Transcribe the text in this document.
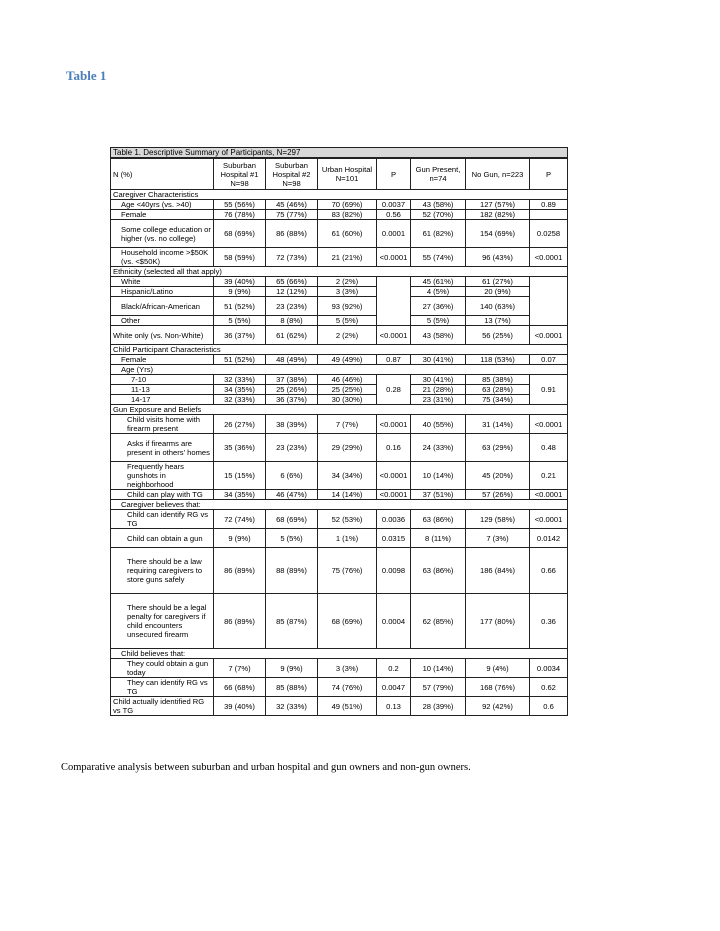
Table 1
Table 1. Descriptive Summary of Participants, N=297							
N (%)	Suburban Hospital #1 N=98	Suburban Hospital #2 N=98	Urban Hospital N=101	P	Gun Present, n=74	No Gun, n=223	P
Caregiver Characteristics							
Age <40yrs (vs. >40)	55 (56%)	45 (46%)	70 (69%)	0.0037	43 (58%)	127 (57%)	0.89
Female	76 (78%)	75 (77%)	83 (82%)	0.56	52 (70%)	182 (82%)	
Some college education or higher (vs. no college)	68 (69%)	86 (88%)	61 (60%)	0.0001	61 (82%)	154 (69%)	0.0258
Household income >$50K (vs. <$50K)	58 (59%)	72 (73%)	21 (21%)	<0.0001	55 (74%)	96 (43%)	<0.0001
Ethnicity (selected all that apply)							
White	39 (40%)	65 (66%)	2 (2%)		45 (61%)	61 (27%)	
Hispanic/Latino	9 (9%)	12 (12%)	3 (3%)		4 (5%)	20 (9%)	
Black/African-American	51 (52%)	23 (23%)	93 (92%)		27 (36%)	140 (63%)	
Other	5 (5%)	8 (8%)	5 (5%)		5 (5%)	13 (7%)	
White only (vs. Non-White)	36 (37%)	61 (62%)	2 (2%)	<0.0001	43 (58%)	56 (25%)	<0.0001
Child Participant Characteristics							
Female	51 (52%)	48 (49%)	49 (49%)	0.87	30 (41%)	118 (53%)	0.07
Age (Yrs)							
7-10	32 (33%)	37 (38%)	46 (46%)	0.28	30 (41%)	85 (38%)	0.91
11-13	34 (35%)	25 (26%)	25 (25%)		21 (28%)	63 (28%)	
14-17	32 (33%)	36 (37%)	30 (30%)		23 (31%)	75 (34%)	
Gun Exposure and Beliefs							
Child visits home with firearm present	26 (27%)	38 (39%)	7 (7%)	<0.0001	40 (55%)	31 (14%)	<0.0001
Asks if firearms are present in others' homes	35 (36%)	23 (23%)	29 (29%)	0.16	24 (33%)	63 (29%)	0.48
Frequently hears gunshots in neighborhood	15 (15%)	6 (6%)	34 (34%)	<0.0001	10 (14%)	45 (20%)	0.21
Child can play with TG	34 (35%)	46 (47%)	14 (14%)	<0.0001	37 (51%)	57 (26%)	<0.0001
Caregiver believes that:							
Child can identify RG vs TG	72 (74%)	68 (69%)	52 (53%)	0.0036	63 (86%)	129 (58%)	<0.0001
Child can obtain a gun	9 (9%)	5 (5%)	1 (1%)	0.0315	8 (11%)	7 (3%)	0.0142
There should be a law requiring caregivers to store guns safely	86 (89%)	88 (89%)	75 (76%)	0.0098	63 (86%)	186 (84%)	0.66
There should be a legal penalty for caregivers if child encounters unsecured firearm	86 (89%)	85 (87%)	68 (69%)	0.0004	62 (85%)	177 (80%)	0.36
Child believes that:							
They could obtain a gun today	7 (7%)	9 (9%)	3 (3%)	0.2	10 (14%)	9 (4%)	0.0034
They can identify RG vs TG	66 (68%)	85 (88%)	74 (76%)	0.0047	57 (79%)	168 (76%)	0.62
Child actually identified RG vs TG	39 (40%)	32 (33%)	49 (51%)	0.13	28 (39%)	92 (42%)	0.6
Comparative analysis between suburban and urban hospital and gun owners and non-gun owners.
